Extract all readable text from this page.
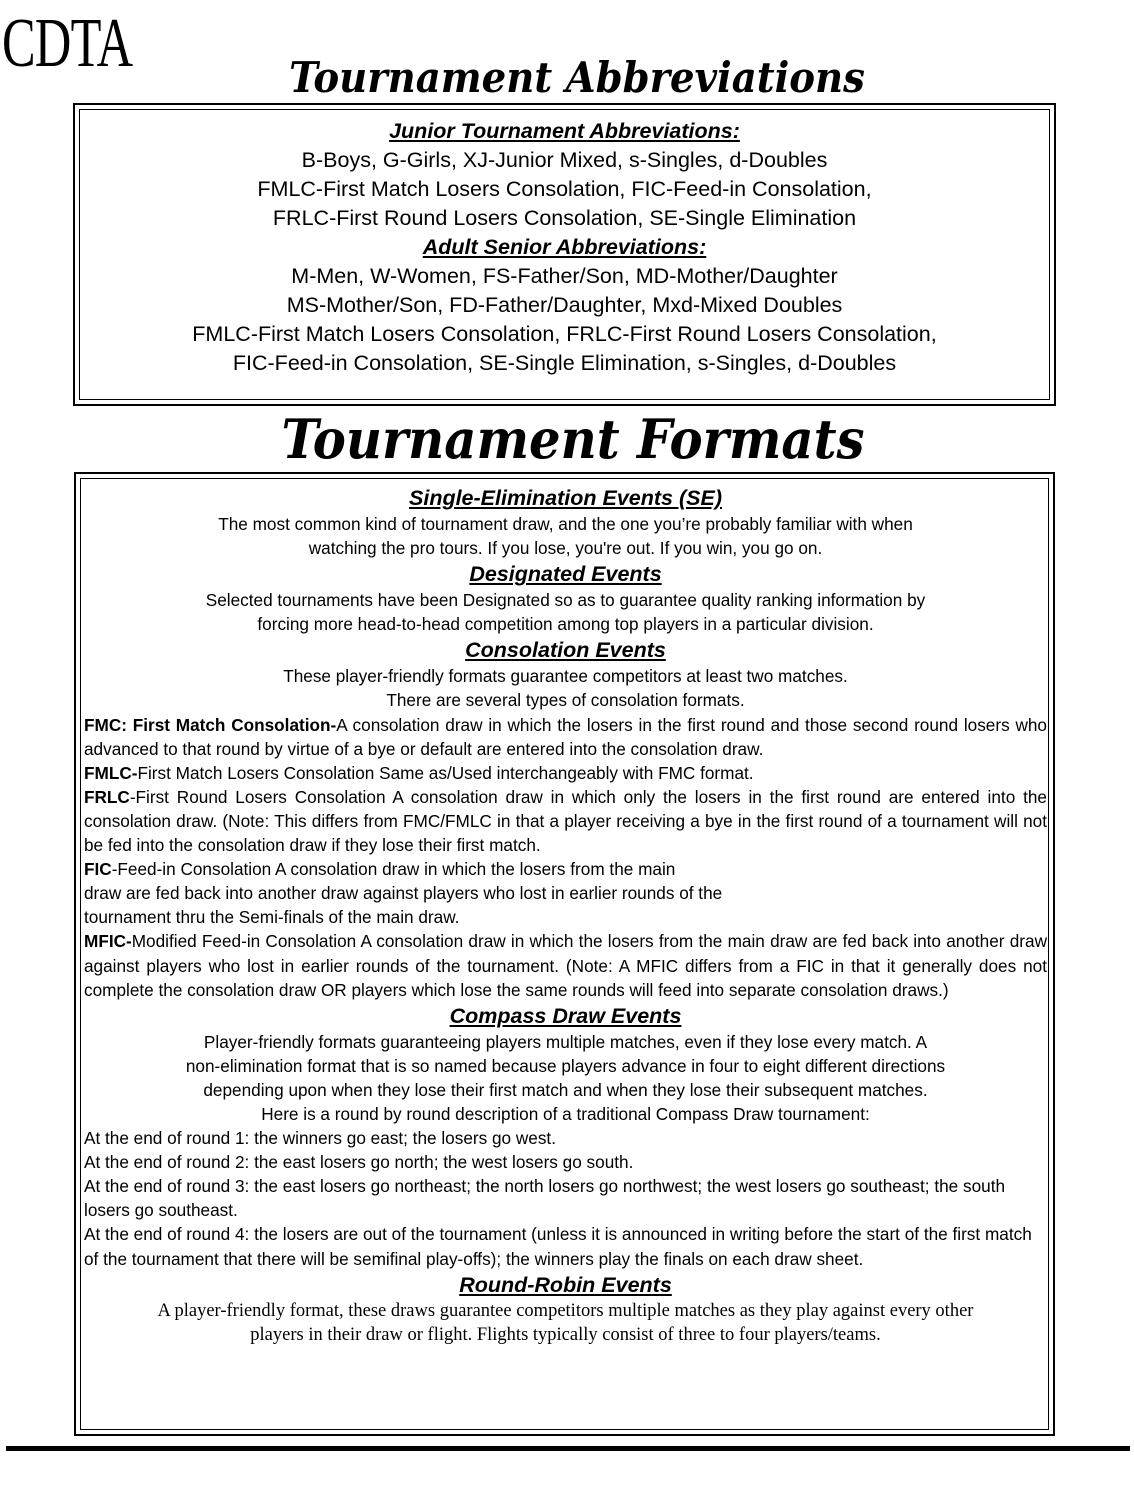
CDTA	Tournament Abbreviations
Junior Tournament Abbreviations:
B-Boys, G-Girls, XJ-Junior Mixed, s-Singles, d-Doubles
FMLC-First Match Losers Consolation, FIC-Feed-in Consolation,
FRLC-First Round Losers Consolation, SE-Single Elimination
Adult Senior Abbreviations:
M-Men, W-Women, FS-Father/Son, MD-Mother/Daughter
MS-Mother/Son, FD-Father/Daughter, Mxd-Mixed Doubles
FMLC-First Match Losers Consolation, FRLC-First Round Losers Consolation,
FIC-Feed-in Consolation, SE-Single Elimination, s-Singles, d-Doubles
Tournament Formats
Single-Elimination Events (SE)
The most common kind of tournament draw, and the one you’re probably familiar with when
watching the pro tours. If you lose, you're out. If you win, you go on.
Designated Events
Selected tournaments have been Designated so as to guarantee quality ranking information by
forcing more head-to-head competition among top players in a particular division.
Consolation Events
These player-friendly formats guarantee competitors at least two matches.
There are several types of consolation formats.
FMC: First Match Consolation-A consolation draw in which the losers in the first round and those second round losers who advanced to that round by virtue of a bye or default are entered into the consolation draw.
FMLC-First Match Losers Consolation Same as/Used interchangeably with FMC format.
FRLC-First Round Losers Consolation A consolation draw in which only the losers in the first round are entered into the consolation draw. (Note: This differs from FMC/FMLC in that a player receiving a bye in the first round of a tournament will not be fed into the consolation draw if they lose their first match.
FIC-Feed-in Consolation A consolation draw in which the losers from the main
draw are fed back into another draw against players who lost in earlier rounds of the
tournament thru the Semi-finals of the main draw.
MFIC-Modified Feed-in Consolation A consolation draw in which the losers from the main draw are fed back into another draw against players who lost in earlier rounds of the tournament. (Note: A MFIC differs from a FIC in that it generally does not complete the consolation draw OR players which lose the same rounds will feed into separate consolation draws.)
Compass Draw Events
Player-friendly formats guaranteeing players multiple matches, even if they lose every match. A
non-elimination format that is so named because players advance in four to eight different directions
depending upon when they lose their first match and when they lose their subsequent matches.
Here is a round by round description of a traditional Compass Draw tournament:
At the end of round 1: the winners go east; the losers go west.
At the end of round 2: the east losers go north; the west losers go south.
At the end of round 3: the east losers go northeast; the north losers go northwest; the west losers go southeast; the south losers go southeast.
At the end of round 4: the losers are out of the tournament (unless it is announced in writing before the start of the first match of the tournament that there will be semifinal play-offs); the winners play the finals on each draw sheet.
Round-Robin Events
A player-friendly format, these draws guarantee competitors multiple matches as they play against every other
players in their draw or flight. Flights typically consist of three to four players/teams.
